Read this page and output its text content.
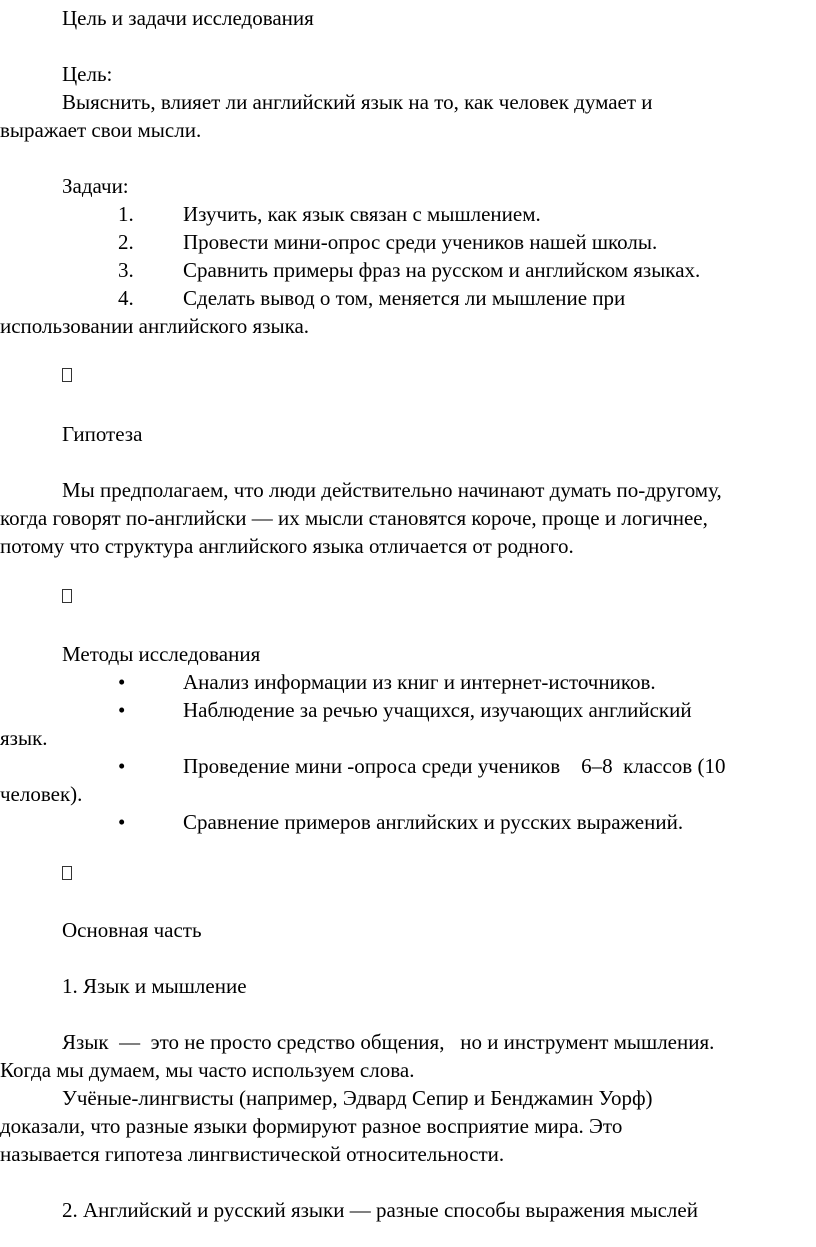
Цель и задачи исследования
Цель:
Выяснить, влияет ли английский язык на то, как человек думает и
выражает свои мысли.
Задачи:
1. Изучить, как язык связан с мышлением.
2. Провести мини-опрос среди учеников нашей школы.
3. Сравнить примеры фраз на русском и английском языках.
4. Сделать вывод о том, меняется ли мышление при
использовании английского языка.
Гипотеза
Мы предполагаем, что люди действительно начинают думать по-другому,
когда говорят по-английски — их мысли становятся короче, проще и логичнее,
потому что структура английского языка отличается от родного.
Методы исследования
•	Анализ информации из книг и интернет-источников.
•	Наблюдение за речью учащихся, изучающих английский
язык.
•	Проведение мини -опроса среди учеников    6–8  классов (10
человек).
•	Сравнение примеров английских и русских выражений.
Основная часть
1. Язык и мышление
Язык  —  это не просто средство общения,   но и инструмент мышления.
Когда мы думаем, мы часто используем слова.
Учёные-лингвисты (например, Эдвард Сепир и Бенджамин Уорф)
доказали, что разные языки формируют разное восприятие мира. Это
называется гипотеза лингвистической относительности.
2. Английский и русский языки — разные способы выражения мыслей
